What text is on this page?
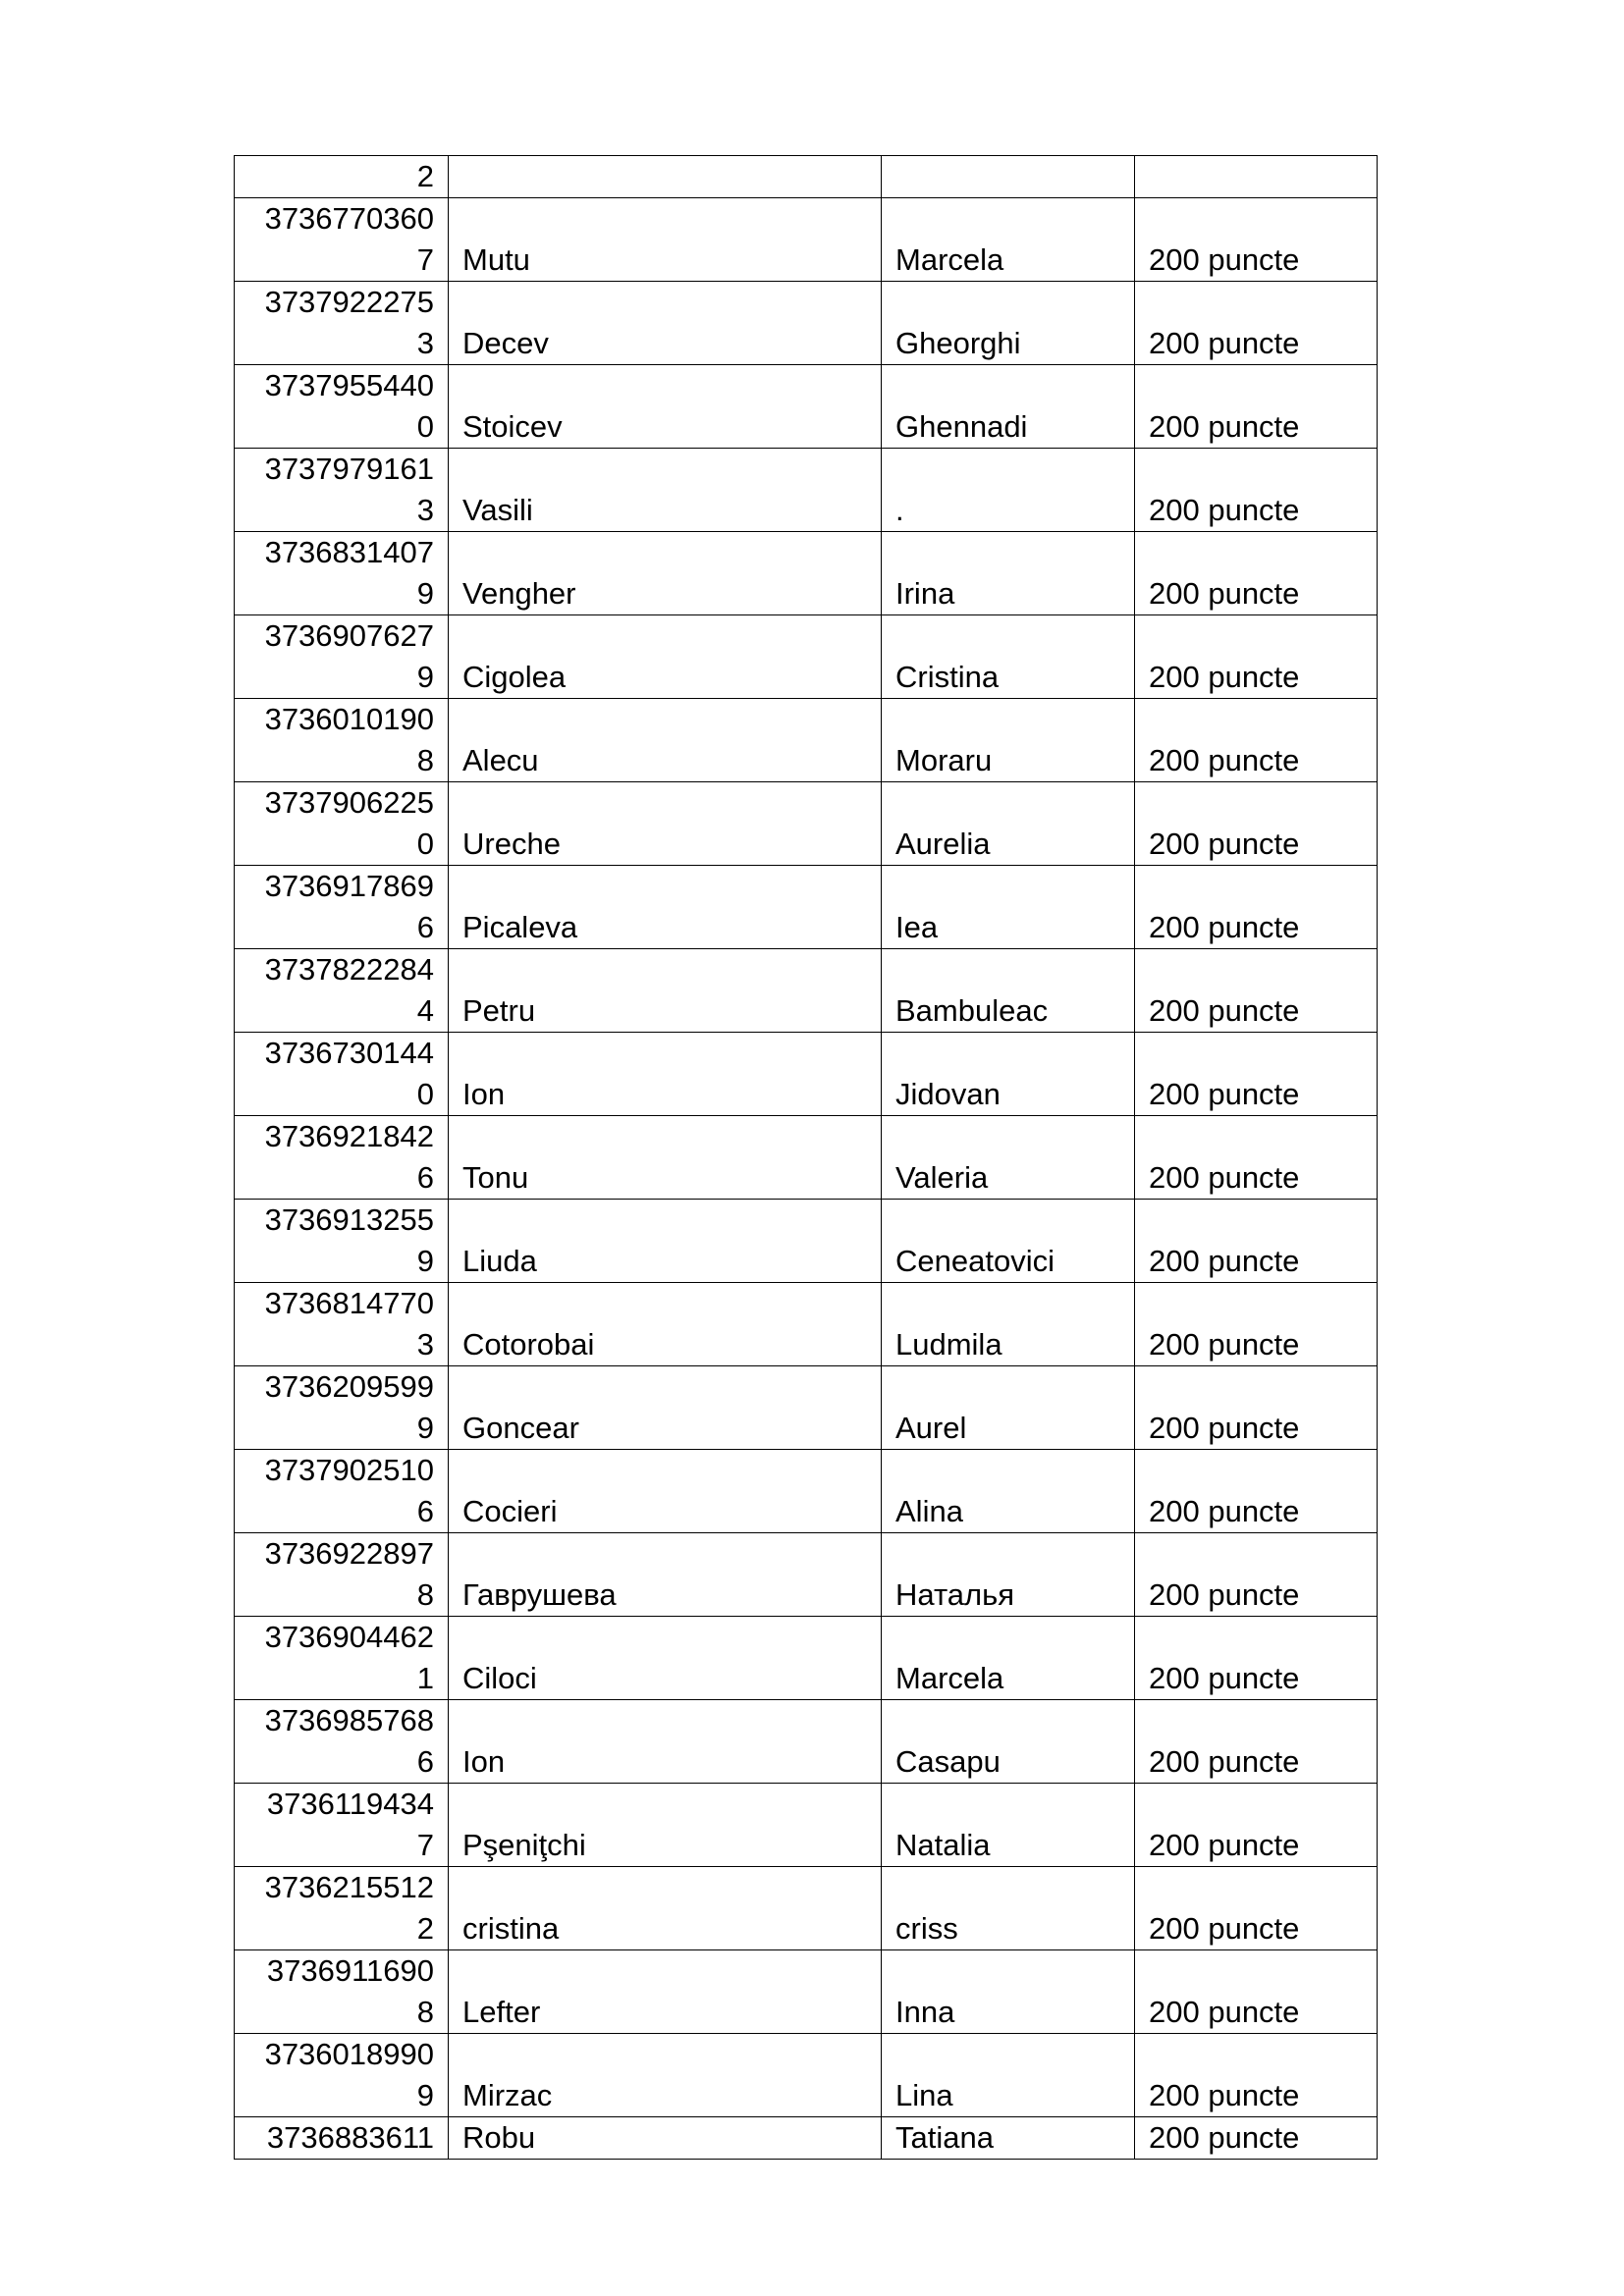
2			

3736770360
7	Mutu	Marcela	200 puncte

3737922275
3	Decev	Gheorghi	200 puncte

3737955440
0	Stoicev	Ghennadi	200 puncte

3737979161
3	Vasili	.	200 puncte

3736831407
9	Vengher	Irina	200 puncte

3736907627
9	Cigolea	Cristina	200 puncte

3736010190
8	Alecu	Moraru	200 puncte

3737906225
0	Ureche	Aurelia	200 puncte

3736917869
6	Picaleva	Iea	200 puncte

3737822284
4	Petru	Bambuleac	200 puncte

3736730144
0	Ion	Jidovan	200 puncte

3736921842
6	Tonu	Valeria	200 puncte

3736913255
9	Liuda	Ceneatovici	200 puncte

3736814770
3	Cotorobai	Ludmila	200 puncte

3736209599
9	Goncear	Aurel	200 puncte

3737902510
6	Cocieri	Alina	200 puncte

3736922897
8	Гаврушева	Наталья	200 puncte

3736904462
1	Ciloci	Marcela	200 puncte

3736985768
6	Ion	Casapu	200 puncte

3736119434
7	Pşeniţchi	Natalia	200 puncte

3736215512
2	cristina	criss	200 puncte

3736911690
8	Lefter	Inna	200 puncte

3736018990
9	Mirzac	Lina	200 puncte

3736883611	Robu	Tatiana	200 puncte
